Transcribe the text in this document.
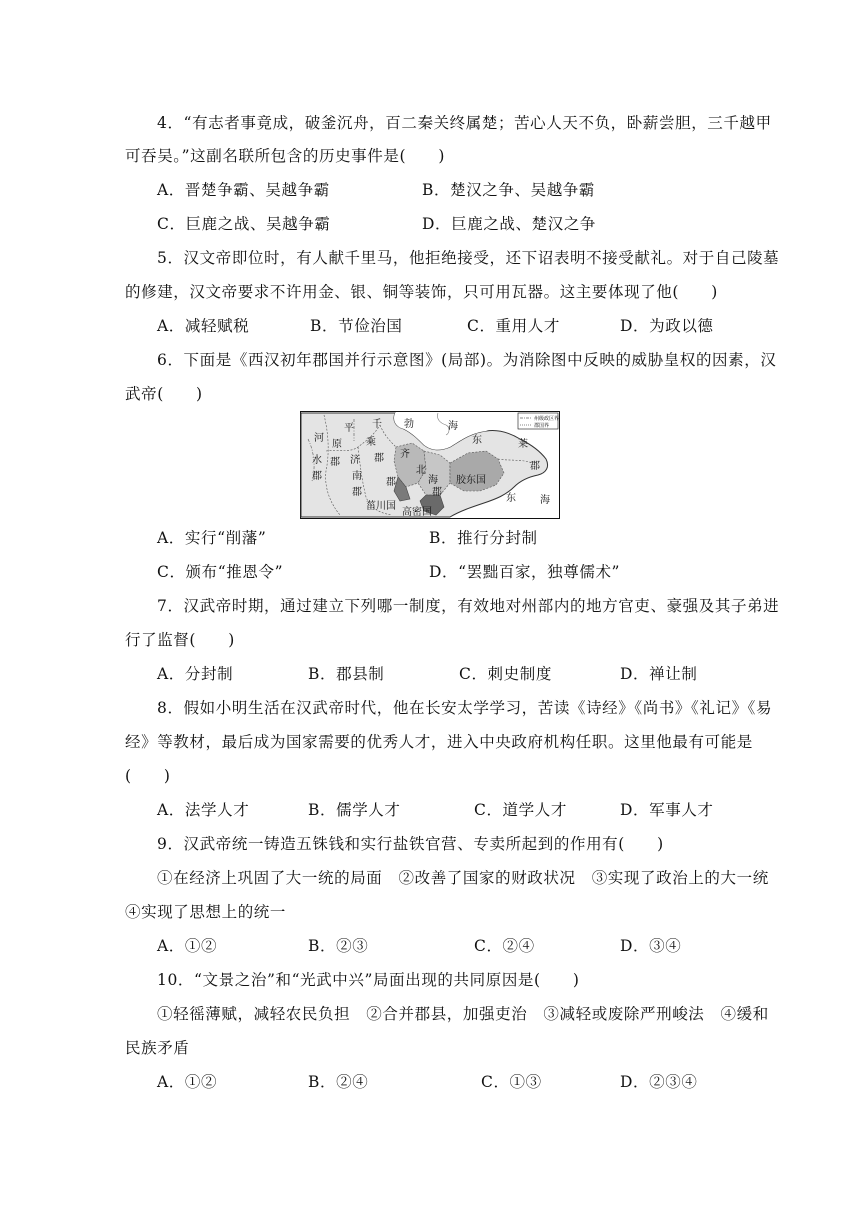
4．“有志者事竟成，破釜沉舟，百二秦关终属楚；苦心人天不负，卧薪尝胆，三千越甲
可吞吴。”这副名联所包含的历史事件是(　　)
A．晋楚争霸、吴越争霸	B．楚汉之争、吴越争霸
C．巨鹿之战、吴越争霸	D．巨鹿之战、楚汉之争
5．汉文帝即位时，有人献千里马，他拒绝接受，还下诏表明不接受献礼。对于自己陵墓
的修建，汉文帝要求不许用金、银、铜等装饰，只可用瓦器。这主要体现了他(　　)
A．减轻赋税	B．节俭治国	C．重用人才	D．为政以德
6．下面是《西汉初年郡国并行示意图》(局部)。为消除图中反映的威胁皇权的因素，汉
武帝(　　)
州级政区界
郡国界
河
水
郡
平
原
郡
千
乘
郡
济
南
郡
齐
郡
勃	海
北
海
郡
胶东国
东	莱
郡
菑川国
高密国
东 海
A．实行“削藩”	B．推行分封制
C．颁布“推恩令”	D．“罢黜百家，独尊儒术”
7．汉武帝时期，通过建立下列哪一制度，有效地对州部内的地方官吏、豪强及其子弟进
行了监督(　　)
A．分封制	B．郡县制	C．刺史制度	D．禅让制
8．假如小明生活在汉武帝时代，他在长安太学学习，苦读《诗经》《尚书》《礼记》《易
经》等教材，最后成为国家需要的优秀人才，进入中央政府机构任职。这里他最有可能是
(　　)
A．法学人才	B．儒学人才	C．道学人才	D．军事人才
9．汉武帝统一铸造五铢钱和实行盐铁官营、专卖所起到的作用有(　　)
①在经济上巩固了大一统的局面　②改善了国家的财政状况　③实现了政治上的大一统
④实现了思想上的统一
A．①②	B．②③	C．②④	D．③④
10．“文景之治”和“光武中兴”局面出现的共同原因是(　　)
①轻徭薄赋，减轻农民负担　②合并郡县，加强吏治　③减轻或废除严刑峻法　④缓和
民族矛盾
A．①②	B．②④	C．①③	D．②③④
